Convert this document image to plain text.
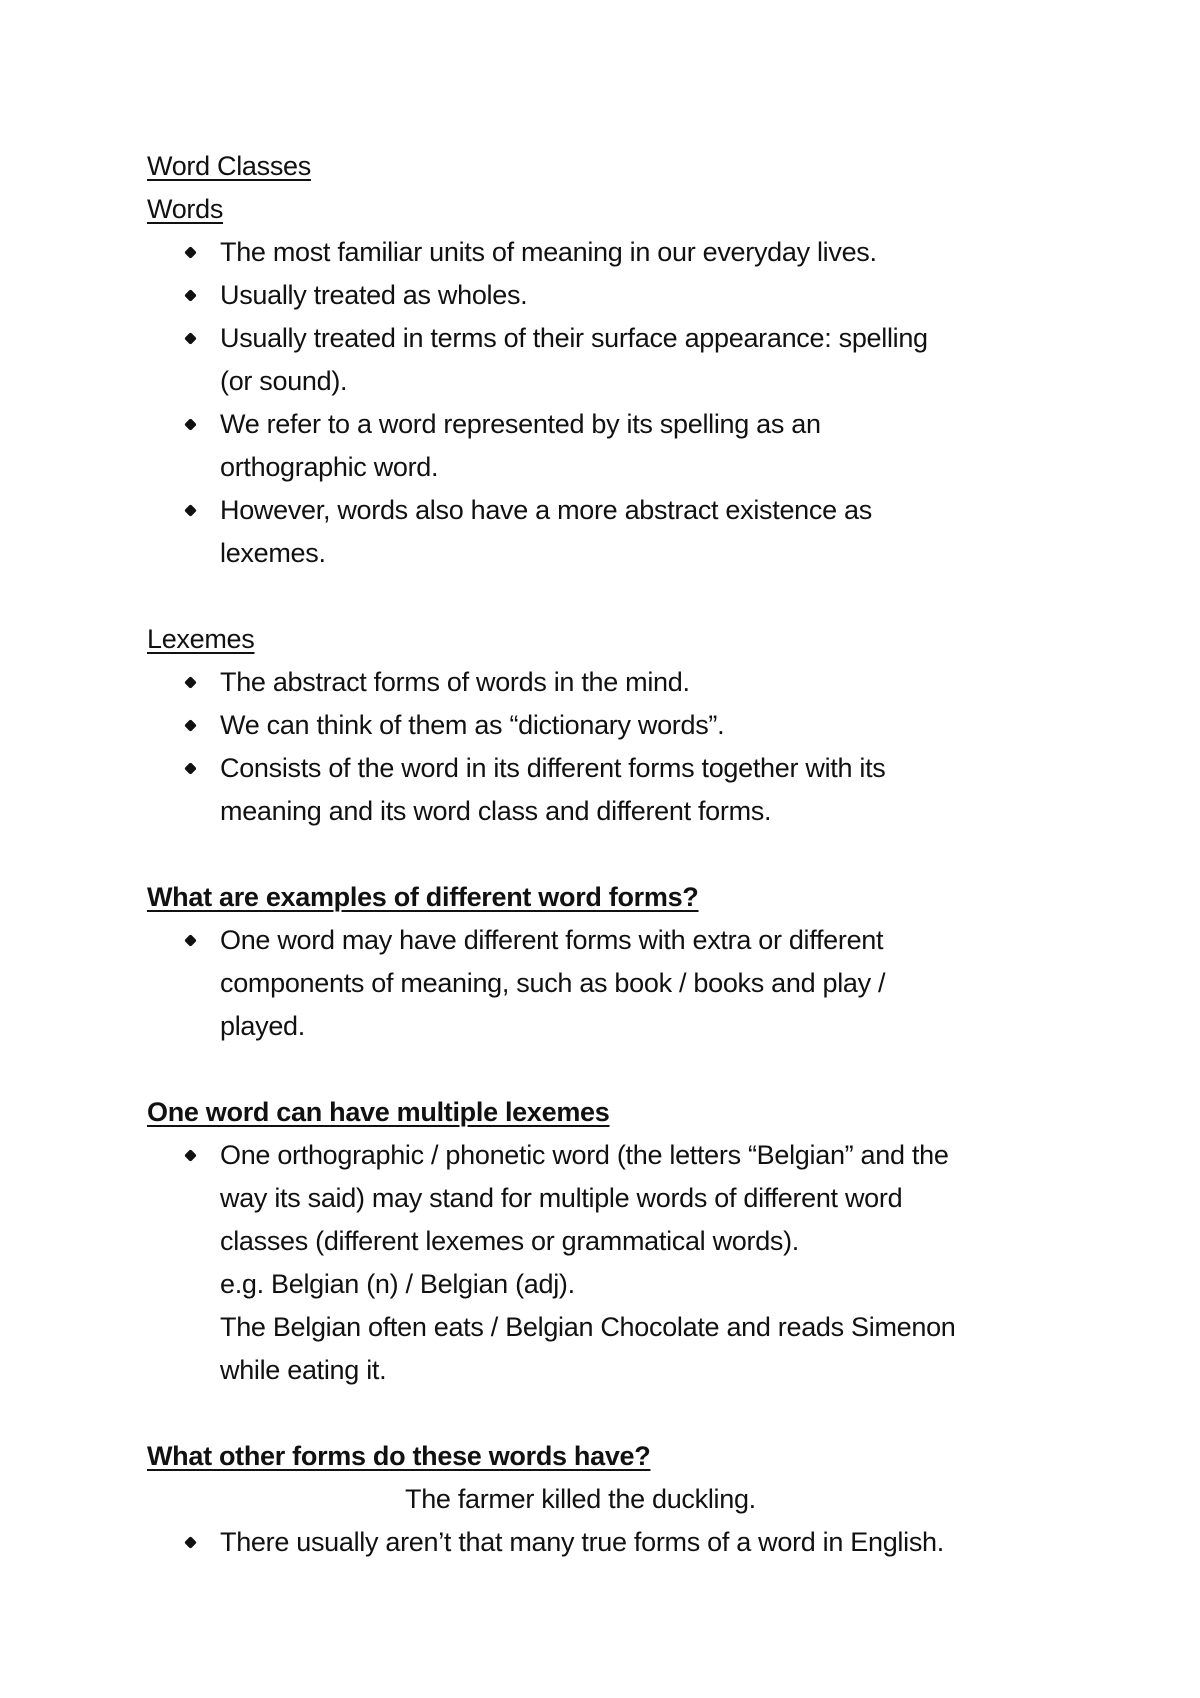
Word Classes
Words
The most familiar units of meaning in our everyday lives.
Usually treated as wholes.
Usually treated in terms of their surface appearance: spelling
(or sound).
We refer to a word represented by its spelling as an
orthographic word.
However, words also have a more abstract existence as
lexemes.
Lexemes
The abstract forms of words in the mind.
We can think of them as “dictionary words”.
Consists of the word in its different forms together with its
meaning and its word class and different forms.
What are examples of different word forms?
One word may have different forms with extra or different
components of meaning, such as book / books and play /
played.
One word can have multiple lexemes
One orthographic / phonetic word (the letters “Belgian” and the
way its said) may stand for multiple words of different word
classes (different lexemes or grammatical words).
e.g. Belgian (n) / Belgian (adj).
The Belgian often eats / Belgian Chocolate and reads Simenon
while eating it.
What other forms do these words have?
The farmer killed the duckling.
There usually aren’t that many true forms of a word in English.
